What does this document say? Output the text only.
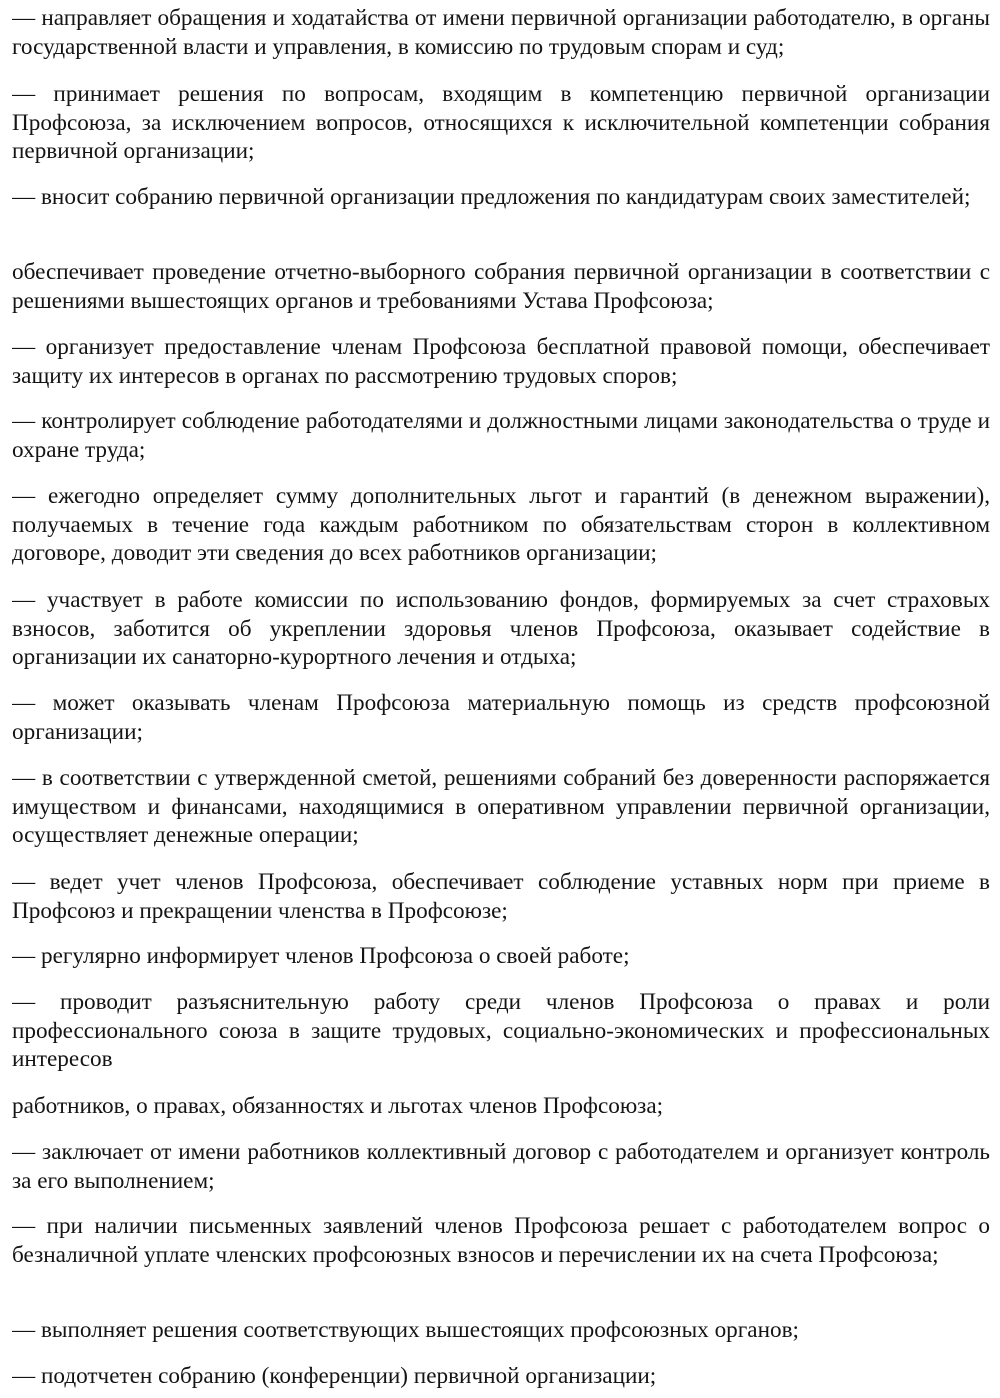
— направляет обращения и ходатайства от имени первичной организации работодателю, в органы государственной власти и управления, в комиссию по трудовым спорам и суд;

— принимает решения по вопросам, входящим в компетенцию первичной организации Профсоюза, за исключением вопросов, относящихся к исключительной компетенции собрания первичной организации;

— вносит собранию первичной организации предложения по кандидатурам своих заместителей;

обеспечивает проведение отчетно-выборного собрания первичной организации в соответствии с решениями вышестоящих органов и требованиями Устава Профсоюза;

— организует предоставление членам Профсоюза бесплатной правовой помощи, обеспечивает защиту их интересов в органах по рассмотрению трудовых споров;

— контролирует соблюдение работодателями и должностными лицами законодательства о труде и охране труда;

— ежегодно определяет сумму дополнительных льгот и гарантий (в денежном выражении), получаемых в течение года каждым работником по обязательствам сторон в коллективном договоре, доводит эти сведения до всех работников организации;

— участвует в работе комиссии по использованию фондов, формируемых за счет страховых взносов, заботится об укреплении здоровья членов Профсоюза, оказывает содействие в организации их санаторно-курортного лечения и отдыха;

— может оказывать членам Профсоюза материальную помощь из средств профсоюзной организации;

— в соответствии с утвержденной сметой, решениями собраний без доверенности распоряжается имуществом и финансами, находящимися в оперативном управлении первичной организации, осуществляет денежные операции;

— ведет учет членов Профсоюза, обеспечивает соблюдение уставных норм при приеме в Профсоюз и прекращении членства в Профсоюзе;

— регулярно информирует членов Профсоюза о своей работе;

— проводит разъяснительную работу среди членов Профсоюза о правах и роли профессионального союза в защите трудовых, социально-экономических и профессиональных интересов

работников, о правах, обязанностях и льготах членов Профсоюза;

— заключает от имени работников коллективный договор с работодателем и организует контроль за его выполнением;

— при наличии письменных заявлений членов Профсоюза решает с работодателем вопрос о безналичной уплате членских профсоюзных взносов и перечислении их на счета Профсоюза;

— выполняет решения соответствующих вышестоящих профсоюзных органов;

— подотчетен собранию (конференции) первичной организации;
